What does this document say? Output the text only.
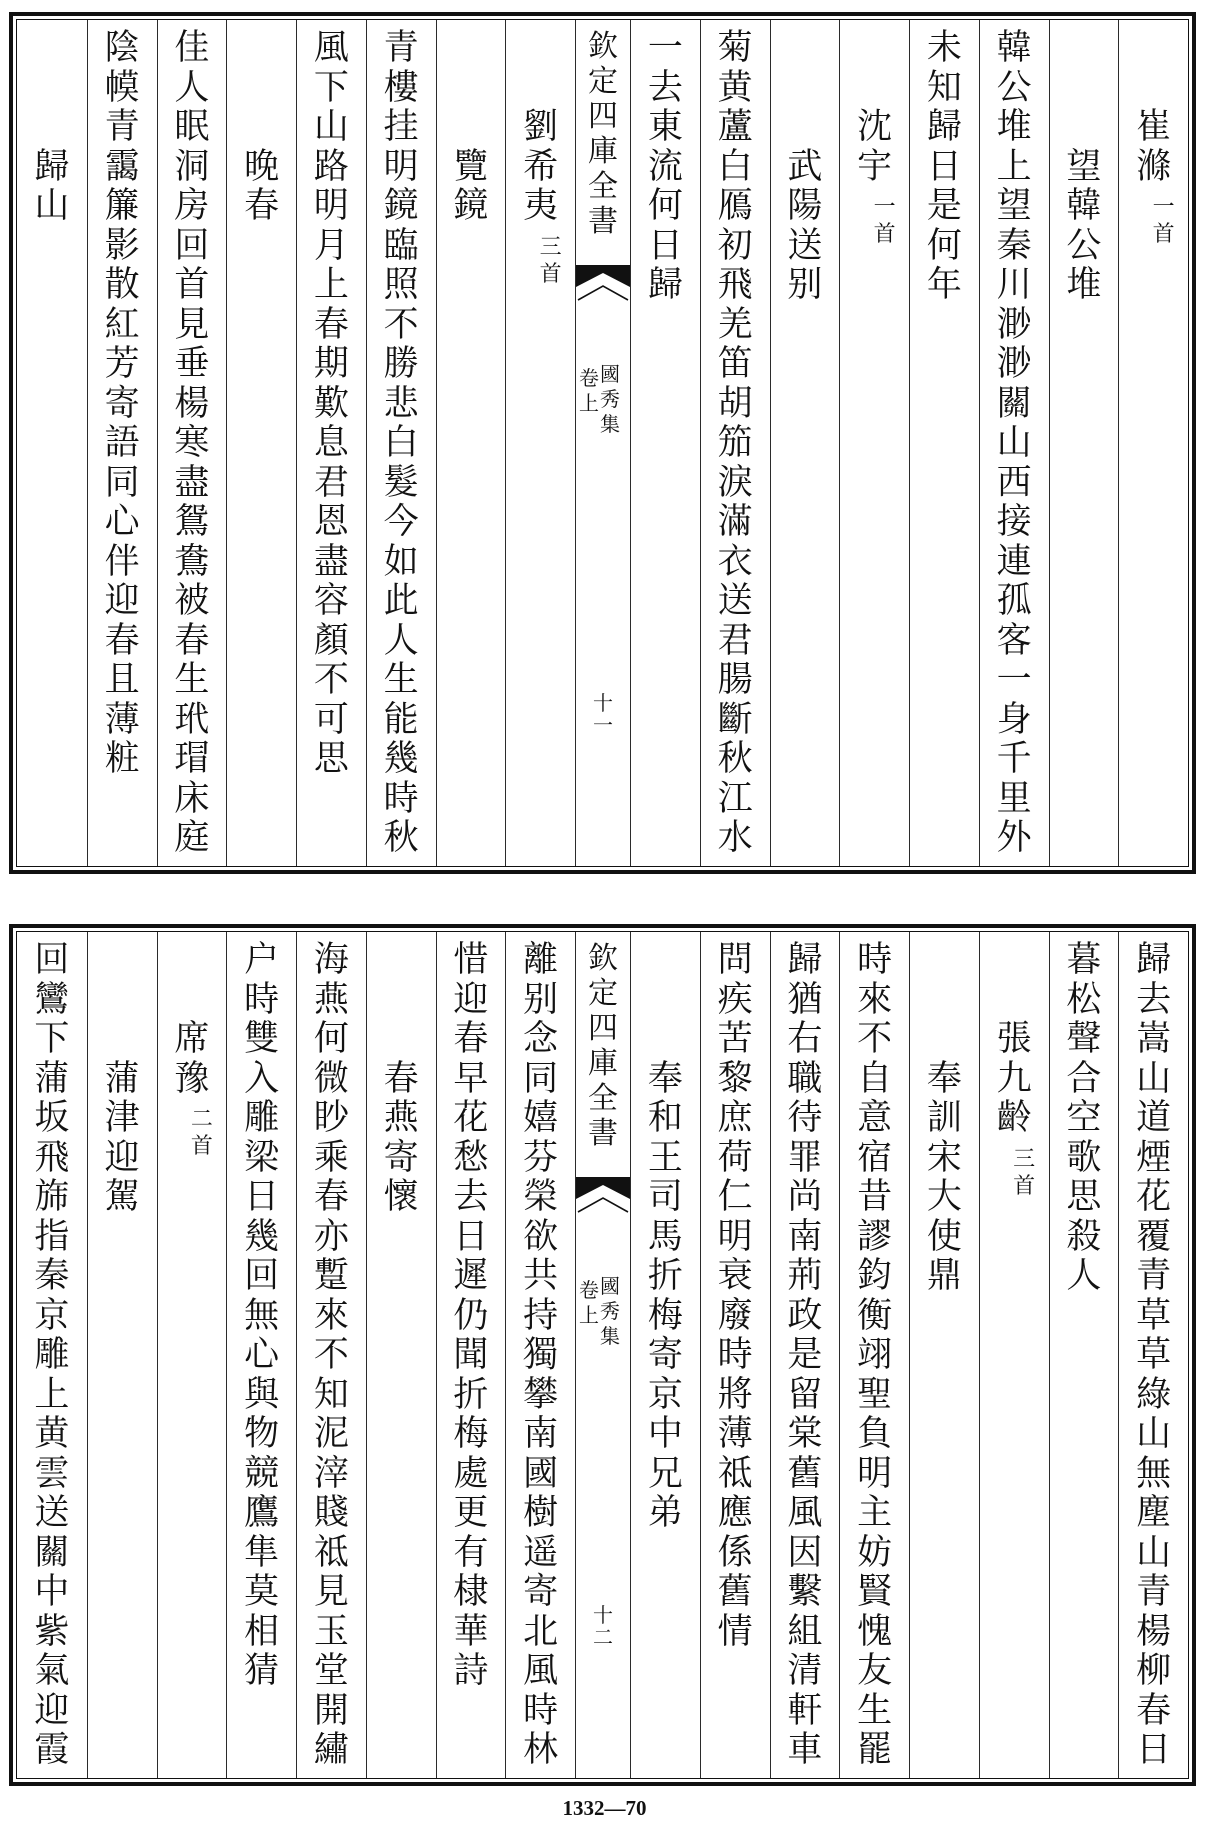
崔
滌
一
首
望
韓
公
堆
韓
公
堆
上
望
秦
川
渺
渺
關
山
西
接
連
孤
客
一
身
千
里
外
未
知
歸
日
是
何
年
沈
宇
一
首
武
陽
送
别
菊
黄
蘆
白
鴈
初
飛
羌
笛
胡
笳
淚
滿
衣
送
君
腸
斷
秋
江
水
一
去
東
流
何
日
歸
欽
定
四
庫
全
書
國
秀
集
卷
上
十
一
劉
希
夷
三
首
覽
鏡
青
樓
挂
明
鏡
臨
照
不
勝
悲
白
髮
今
如
此
人
生
能
幾
時
秋
風
下
山
路
明
月
上
春
期
歎
息
君
恩
盡
容
顏
不
可
思
晚
春
佳
人
眠
洞
房
回
首
見
垂
楊
寒
盡
鴛
鴦
被
春
生
玳
瑁
床
庭
陰
幙
青
靄
簾
影
散
紅
芳
寄
語
同
心
伴
迎
春
且
薄
粧
歸
山
歸
去
嵩
山
道
煙
花
覆
青
草
草
綠
山
無
塵
山
青
楊
柳
春
日
暮
松
聲
合
空
歌
思
殺
人
張
九
齡
三
首
奉
訓
宋
大
使
鼎
時
來
不
自
意
宿
昔
謬
鈞
衡
翊
聖
負
明
主
妨
賢
愧
友
生
罷
歸
猶
右
職
待
罪
尚
南
荊
政
是
留
棠
舊
風
因
繫
組
清
軒
車
問
疾
苦
黎
庶
荷
仁
明
衰
廢
時
將
薄
祗
應
係
舊
情
奉
和
王
司
馬
折
梅
寄
京
中
兄
弟
欽
定
四
庫
全
書
國
秀
集
卷
上
十
二
離
别
念
同
嬉
芬
榮
欲
共
持
獨
攀
南
國
樹
遥
寄
北
風
時
林
惜
迎
春
早
花
愁
去
日
遲
仍
聞
折
梅
處
更
有
棣
華
詩
春
燕
寄
懷
海
燕
何
微
眇
乘
春
亦
蹔
來
不
知
泥
滓
賤
祗
見
玉
堂
開
繡
户
時
雙
入
雕
梁
日
幾
回
無
心
與
物
競
鷹
隼
莫
相
猜
席
豫
二
首
蒲
津
迎
駕
回
鸞
下
蒲
坂
飛
旆
指
秦
京
雕
上
黄
雲
送
關
中
紫
氣
迎
霞
1332—70
